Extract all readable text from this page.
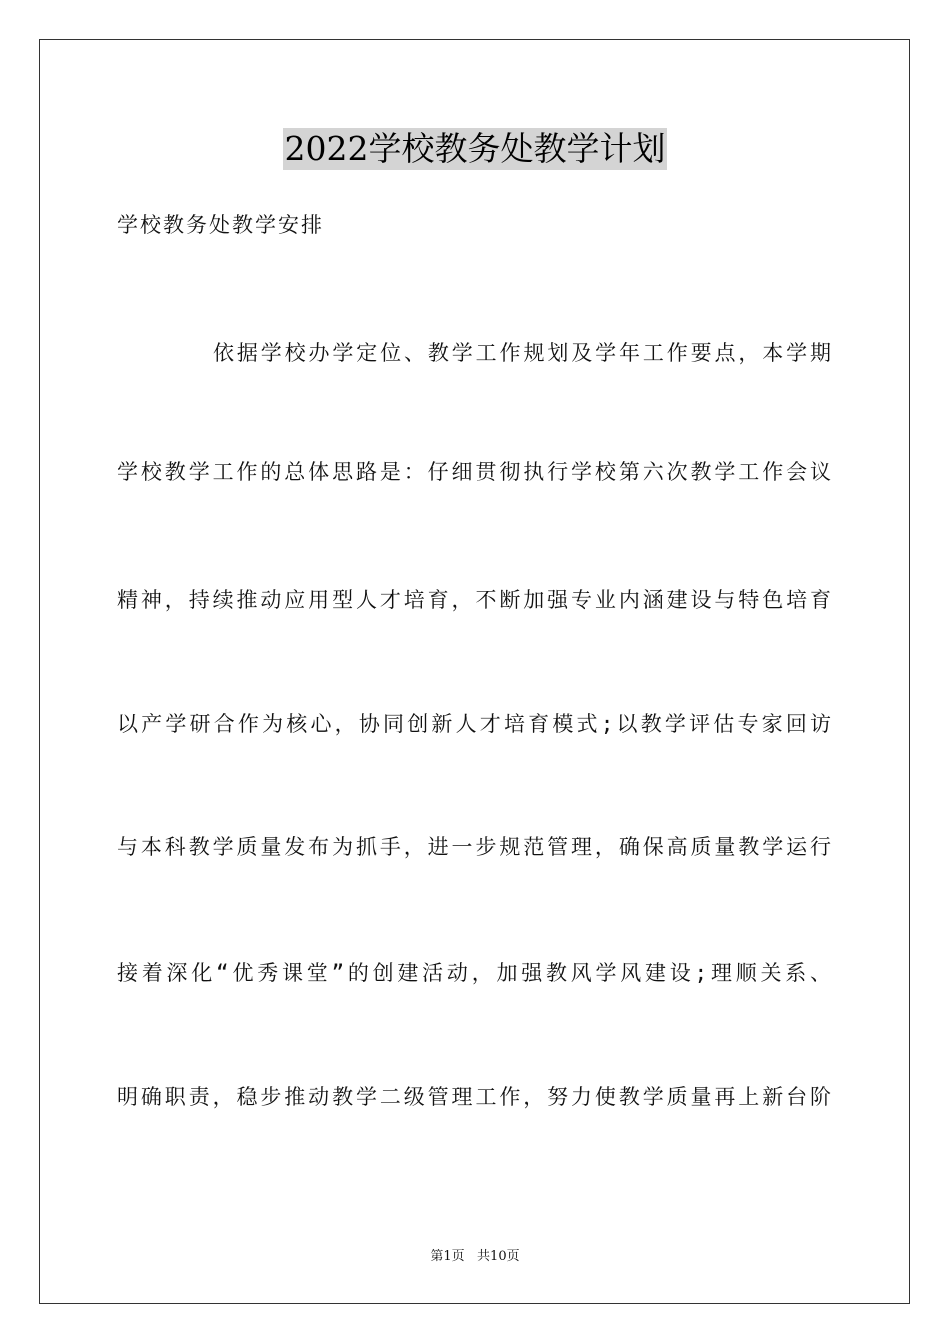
2022学校教务处教学计划
学校教务处教学安排
依据学校办学定位、教学工作规划及学年工作要点，本学期
学校教学工作的总体思路是：仔细贯彻执行学校第六次教学工作会议
精神，持续推动应用型人才培育，不断加强专业内涵建设与特色培育
以产学研合作为核心，协同创新人才培育模式;以教学评估专家回访
与本科教学质量发布为抓手，进一步规范管理，确保高质量教学运行
接着深化“优秀课堂”的创建活动，加强教风学风建设;理顺关系、
明确职责，稳步推动教学二级管理工作，努力使教学质量再上新台阶
第1页   共10页
